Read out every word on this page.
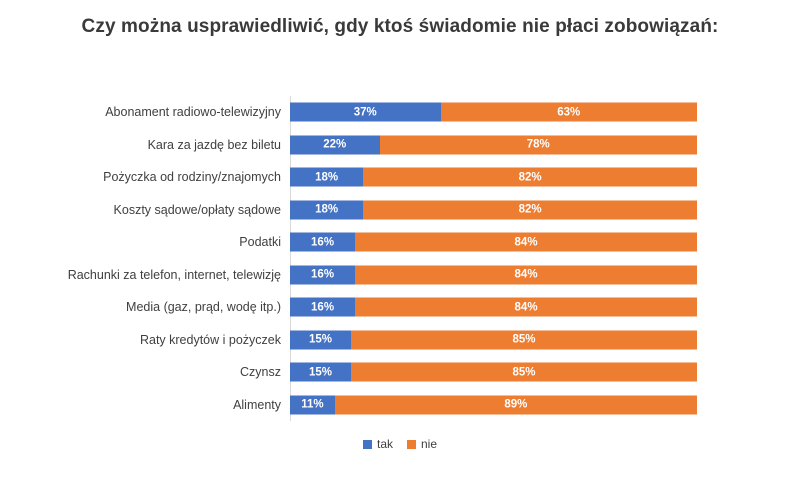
Czy można usprawiedliwić, gdy ktoś świadomie nie płaci zobowiązań:
Abonament radiowo-telewizyjny	37%	63%
Kara za jazdę bez biletu	22%	78%
Pożyczka od rodziny/znajomych	18%	82%
Koszty sądowe/opłaty sądowe	18%	82%
Podatki	16%	84%
Rachunki za telefon, internet, telewizję	16%	84%
Media (gaz, prąd, wodę itp.)	16%	84%
Raty kredytów i pożyczek	15%	85%
Czynsz	15%	85%
Alimenty	11%	89%
tak nie
